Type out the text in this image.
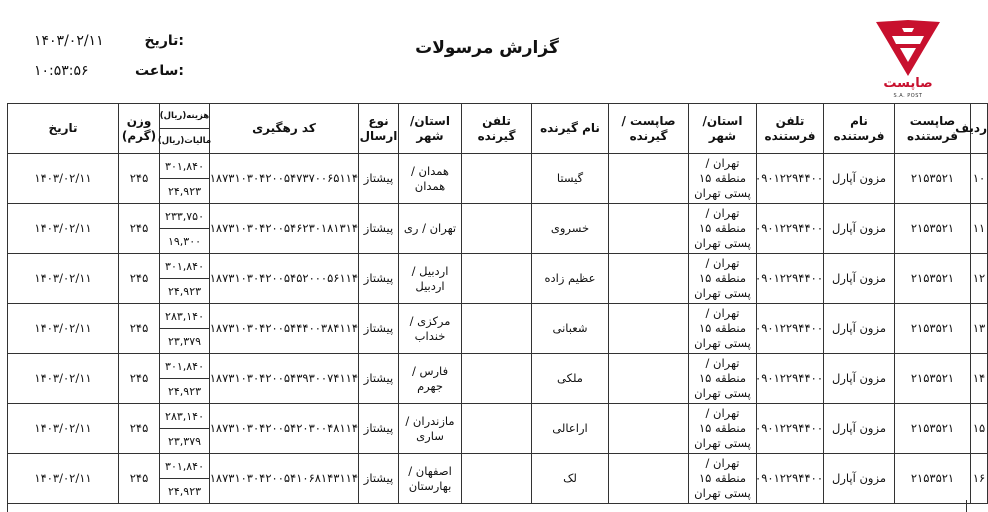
۱۴۰۳/۰۲/۱۱	تاریخ:
۱۰:۵۳:۵۶	ساعت:
گزارش مرسولات
صاپست
S.A. POST
ردیف	صاپست فرستنده	نام فرستنده	تلفن فرستنده	استان/ شهر	صاپست /گیرنده	نام گیرنده	تلفن گیرنده	استان/ شهر	نوع ارسال	کد رهگیری	هزینه(ریال)
مالیات(ریال)	وزن (گرم)	تاریخ
۱۰	۲۱۵۳۵۲۱	مزون آپارل	۰۹۰۱۲۲۹۴۴۰۰	تهران / منطقه ۱۵ پستی تهران		گیستا		همدان / همدان	پیشتاز	۱۸۷۳۱۰۳۰۴۲۰۰۵۴۷۳۷۰۰۶۵۱۱۴	۳۰۱,۸۴۰
۲۴,۹۲۳	۲۴۵	۱۴۰۳/۰۲/۱۱
۱۱	۲۱۵۳۵۲۱	مزون آپارل	۰۹۰۱۲۲۹۴۴۰۰	تهران / منطقه ۱۵ پستی تهران		خسروی		تهران / ری	پیشتاز	۱۸۷۳۱۰۳۰۴۲۰۰۵۴۶۲۳۰۱۸۱۳۱۴	۲۳۳,۷۵۰
۱۹,۳۰۰	۲۴۵	۱۴۰۳/۰۲/۱۱
۱۲	۲۱۵۳۵۲۱	مزون آپارل	۰۹۰۱۲۲۹۴۴۰۰	تهران / منطقه ۱۵ پستی تهران		عظیم زاده		اردبیل / اردبیل	پیشتاز	۱۸۷۳۱۰۳۰۴۲۰۰۵۴۵۲۰۰۰۵۶۱۱۴	۳۰۱,۸۴۰
۲۴,۹۲۳	۲۴۵	۱۴۰۳/۰۲/۱۱
۱۳	۲۱۵۳۵۲۱	مزون آپارل	۰۹۰۱۲۲۹۴۴۰۰	تهران / منطقه ۱۵ پستی تهران		شعبانی		مرکزی / خنداب	پیشتاز	۱۸۷۳۱۰۳۰۴۲۰۰۵۴۴۴۰۰۳۸۴۱۱۴	۲۸۳,۱۴۰
۲۳,۳۷۹	۲۴۵	۱۴۰۳/۰۲/۱۱
۱۴	۲۱۵۳۵۲۱	مزون آپارل	۰۹۰۱۲۲۹۴۴۰۰	تهران / منطقه ۱۵ پستی تهران		ملکی		فارس / جهرم	پیشتاز	۱۸۷۳۱۰۳۰۴۲۰۰۵۴۳۹۳۰۰۷۴۱۱۴	۳۰۱,۸۴۰
۲۴,۹۲۳	۲۴۵	۱۴۰۳/۰۲/۱۱
۱۵	۲۱۵۳۵۲۱	مزون آپارل	۰۹۰۱۲۲۹۴۴۰۰	تهران / منطقه ۱۵ پستی تهران		اراعالی		مازندران / ساری	پیشتاز	۱۸۷۳۱۰۳۰۴۲۰۰۵۴۲۰۳۰۰۴۸۱۱۴	۲۸۳,۱۴۰
۲۳,۳۷۹	۲۴۵	۱۴۰۳/۰۲/۱۱
۱۶	۲۱۵۳۵۲۱	مزون آپارل	۰۹۰۱۲۲۹۴۴۰۰	تهران / منطقه ۱۵ پستی تهران		لک		اصفهان / بهارستان	پیشتاز	۱۸۷۳۱۰۳۰۴۲۰۰۵۴۱۰۶۸۱۴۳۱۱۴	۳۰۱,۸۴۰
۲۴,۹۲۳	۲۴۵	۱۴۰۳/۰۲/۱۱
